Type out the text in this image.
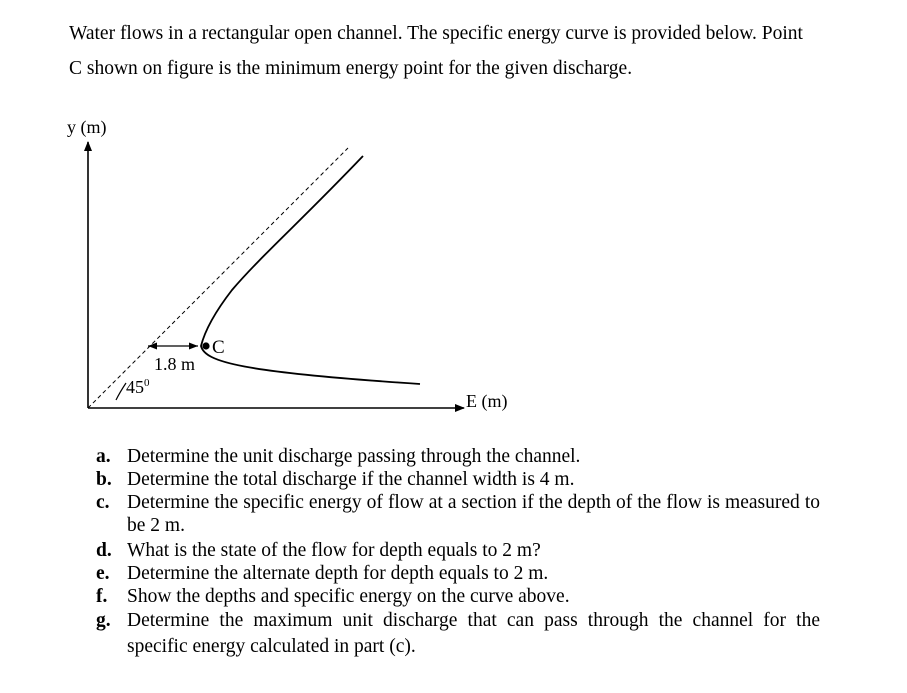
Water flows in a rectangular open channel. The specific energy curve is provided below. Point

C shown on figure is the minimum energy point for the given discharge.

C
1.8 m
$45^0$
y (m)
E (m)
a. Determine the unit discharge passing through the channel.
b. Determine the total discharge if the channel width is 4 m.
c. Determine the specific energy of flow at a section if the depth of the flow is measured to be 2 m.
d. What is the state of the flow for depth equals to 2 m?
e. Determine the alternate depth for depth equals to 2 m.
f. Show the depths and specific energy on the curve above.
g. Determine the maximum unit discharge that can pass through the channel for the specific energy calculated in part (c).
